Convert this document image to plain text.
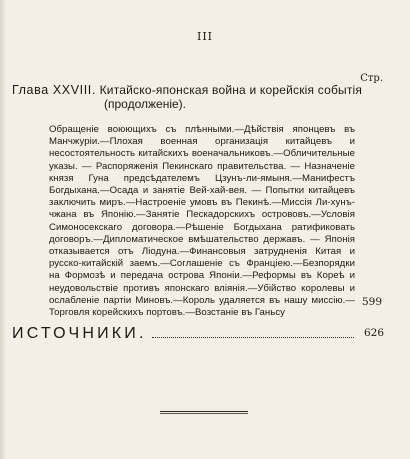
III
Стр.
Глава XXVIII. Китайско-японская война и корейскія событія
(продолженіе).
Обращеніе воюющихъ съ плѣнными.—Дѣйствія японцевъ въ Манчжуріи.—Плохая военная организація китайцевъ и несостоятельность китайскихъ военачальниковъ.—Обличительные указы. — Распоряженія Пекинскаго правительства. — Назначеніе князя Гуна предсѣдателемъ Цзунъ-ли-ямыня.—Манифестъ Богдыхана.—Осада и занятіе Вей-хай-вея. — Попытки китайцевъ заключить миръ.—Настроеніе умовъ въ Пекинѣ.—Миссія Ли-хунъ-чжана въ Японію.—Занятіе Пескадорскихъ острововъ.—Условія Симоносекскаго договора.—Рѣшеніе Богдыхана ратификовать договоръ.—Дипломатическое вмѣшательство державъ. — Японія отказывается отъ Ліодуна.—Финансовыя затрудненія Китая и русско-китайскій заемъ.—Соглашеніе съ Франціею.—Безпорядки на Формозѣ и передача острова Японіи.—Реформы въ Коpеѣ и неудовольствіе противъ японскаго вліянія.—Убійство королевы и ослабленіе партіи Миновъ.—Король удаляется въ нашу миссію.—Торговля корейскихъ портовъ.—Возстаніе въ Ганьсу
599
ИСТОЧНИКИ.	626
